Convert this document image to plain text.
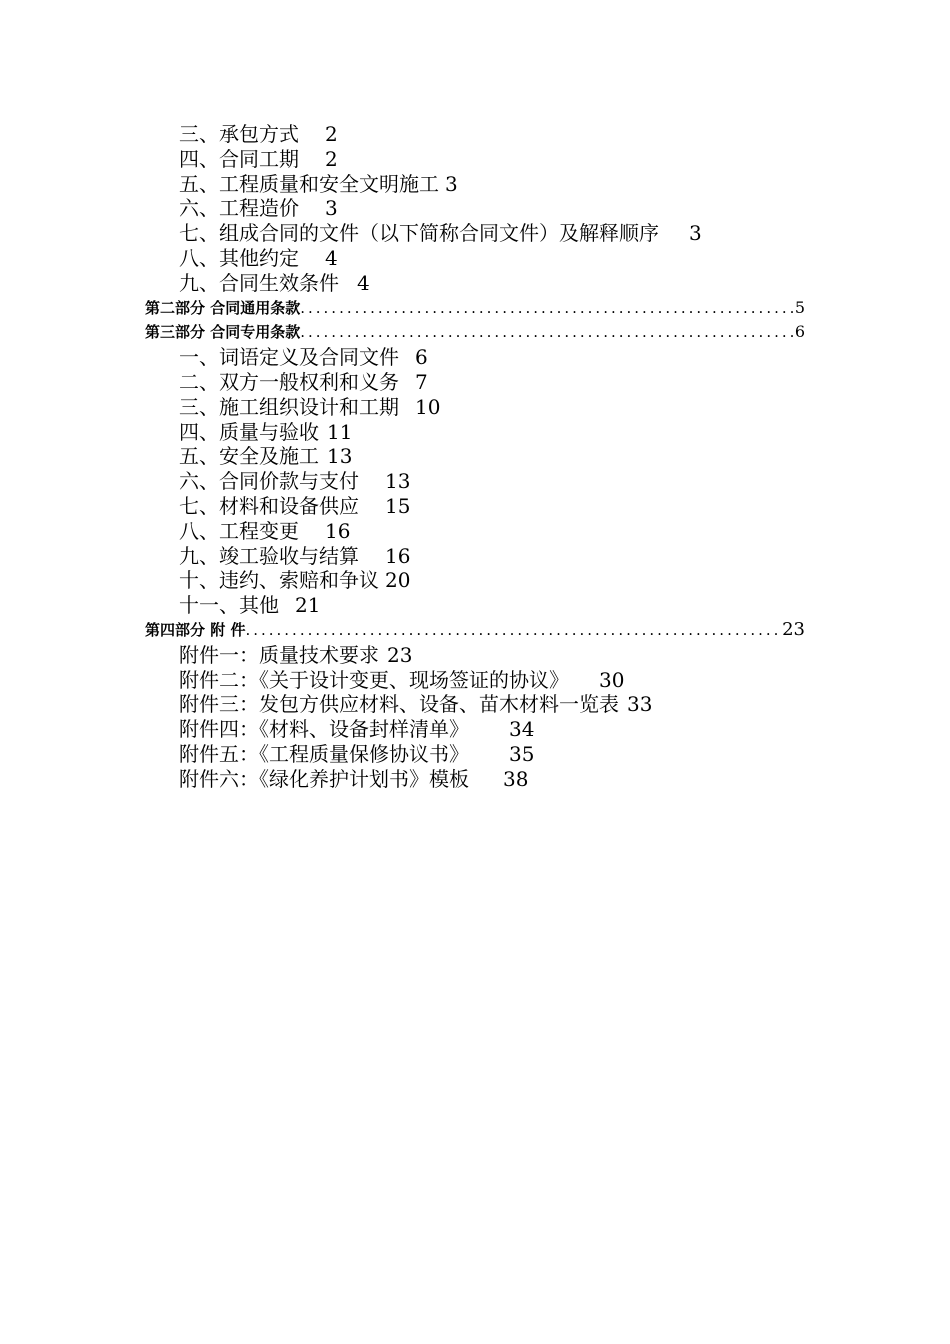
三、承包方式 2
四、合同工期 2
五、工程质量和安全文明施工 3
六、工程造价 3
七、组成合同的文件（以下简称合同文件）及解释顺序 3
八、其他约定 4
九、合同生效条件 4
第二部分 合同通用条款 .....	5
第三部分 合同专用条款 .....	6
一、词语定义及合同文件 6
二、双方一般权利和义务 7
三、施工组织设计和工期 10
四、质量与验收 11
五、安全及施工 13
六、合同价款与支付 13
七、材料和设备供应 15
八、工程变更 16
九、竣工验收与结算 16
十、违约、索赔和争议 20
十一、其他 21
第四部分 附 件 .....	23
附件一：质量技术要求 23
附件二：《关于设计变更、现场签证的协议》 30
附件三：发包方供应材料、设备、苗木材料一览表 33
附件四：《材料、设备封样清单》 34
附件五：《工程质量保修协议书》 35
附件六：《绿化养护计划书》模板 38
